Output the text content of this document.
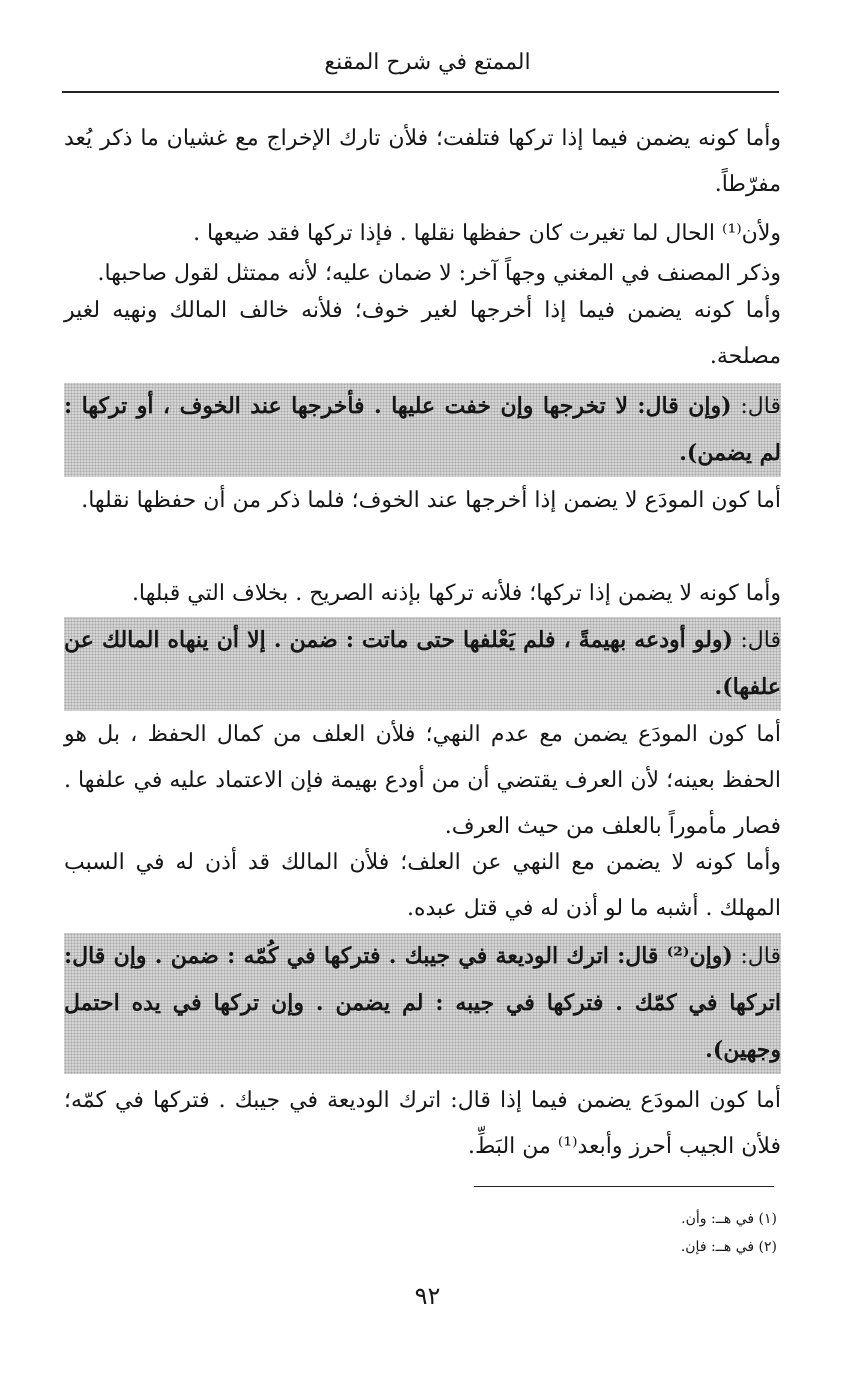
الممتع في شرح المقنع
وأما كونه يضمن فيما إذا تركها فتلفت؛ فلأن تارك الإخراج مع غشيان ما ذكر يُعد مفرّطاً.
ولأن⁽¹⁾ الحال لما تغيرت كان حفظها نقلها . فإذا تركها فقد ضيعها .
وذكر المصنف في المغني وجهاً آخر: لا ضمان عليه؛ لأنه ممتثل لقول صاحبها.
وأما كونه يضمن فيما إذا أخرجها لغير خوف؛ فلأنه خالف المالك ونهيه لغير مصلحة.
قال: (وإن قال: لا تخرجها وإن خفت عليها . فأخرجها عند الخوف ، أو تركها : لم يضمن).
أما كون المودَع لا يضمن إذا أخرجها عند الخوف؛ فلما ذكر من أن حفظها نقلها.
وأما كونه لا يضمن إذا تركها؛ فلأنه تركها بإذنه الصريح . بخلاف التي قبلها.
قال: (ولو أودعه بهيمةً ، فلم يَعْلفها حتى ماتت : ضمن . إلا أن ينهاه المالك عن علفها).
أما كون المودَع يضمن مع عدم النهي؛ فلأن العلف من كمال الحفظ ، بل هو الحفظ بعينه؛ لأن العرف يقتضي أن من أودع بهيمة فإن الاعتماد عليه في علفها . فصار مأموراً بالعلف من حيث العرف.
وأما كونه لا يضمن مع النهي عن العلف؛ فلأن المالك قد أذن له في السبب المهلك . أشبه ما لو أذن له في قتل عبده.
قال: (وإن⁽²⁾ قال: اترك الوديعة في جيبك . فتركها في كُمّه : ضمن . وإن قال: اتركها في كمّك . فتركها في جيبه : لم يضمن . وإن تركها في يده احتمل وجهين).
أما كون المودَع يضمن فيما إذا قال: اترك الوديعة في جيبك . فتركها في كمّه؛ فلأن الجيب أحرز وأبعد⁽¹⁾ من البَطِّ.
(١) في هــ: وأن.
(٢) في هــ: فإن.
٩٢
